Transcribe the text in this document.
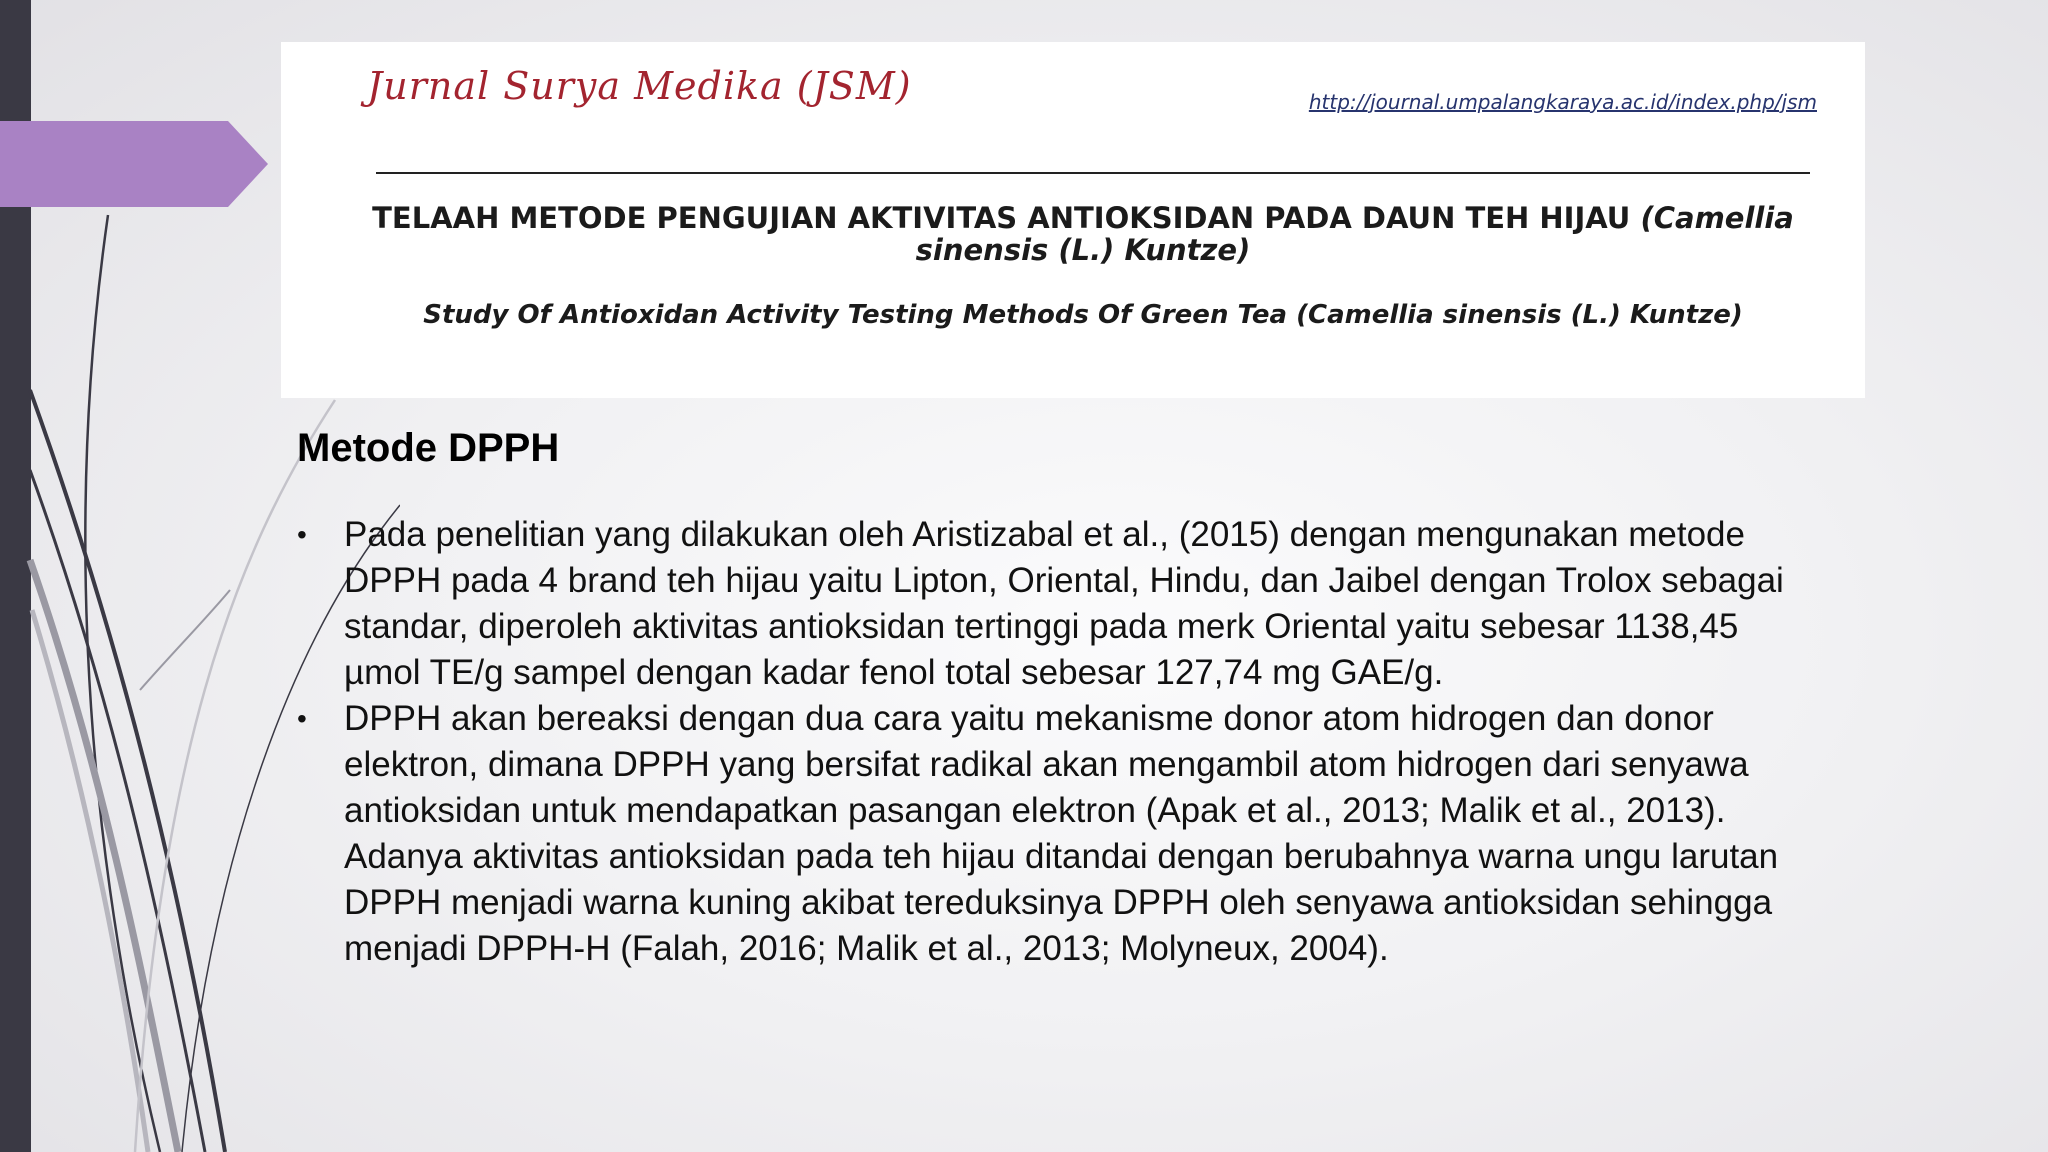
Jurnal Surya Medika (JSM)	http://journal.umpalangkaraya.ac.id/index.php/jsm
TELAAH METODE PENGUJIAN AKTIVITAS ANTIOKSIDAN PADA DAUN TEH HIJAU (Camellia sinensis (L.) Kuntze)
Study Of Antioxidan Activity Testing Methods Of Green Tea (Camellia sinensis (L.) Kuntze)
Metode DPPH
• Pada penelitian yang dilakukan oleh Aristizabal et al., (2015) dengan mengunakan metode DPPH pada 4 brand teh hijau yaitu Lipton, Oriental, Hindu, dan Jaibel dengan Trolox sebagai standar, diperoleh aktivitas antioksidan tertinggi pada merk Oriental yaitu sebesar 1138,45 µmol TE/g sampel dengan kadar fenol total sebesar 127,74 mg GAE/g.
• DPPH akan bereaksi dengan dua cara yaitu mekanisme donor atom hidrogen dan donor elektron, dimana DPPH yang bersifat radikal akan mengambil atom hidrogen dari senyawa antioksidan untuk mendapatkan pasangan elektron (Apak et al., 2013; Malik et al., 2013). Adanya aktivitas antioksidan pada teh hijau ditandai dengan berubahnya warna ungu larutan DPPH menjadi warna kuning akibat tereduksinya DPPH oleh senyawa antioksidan sehingga menjadi DPPH-H (Falah, 2016; Malik et al., 2013; Molyneux, 2004).
